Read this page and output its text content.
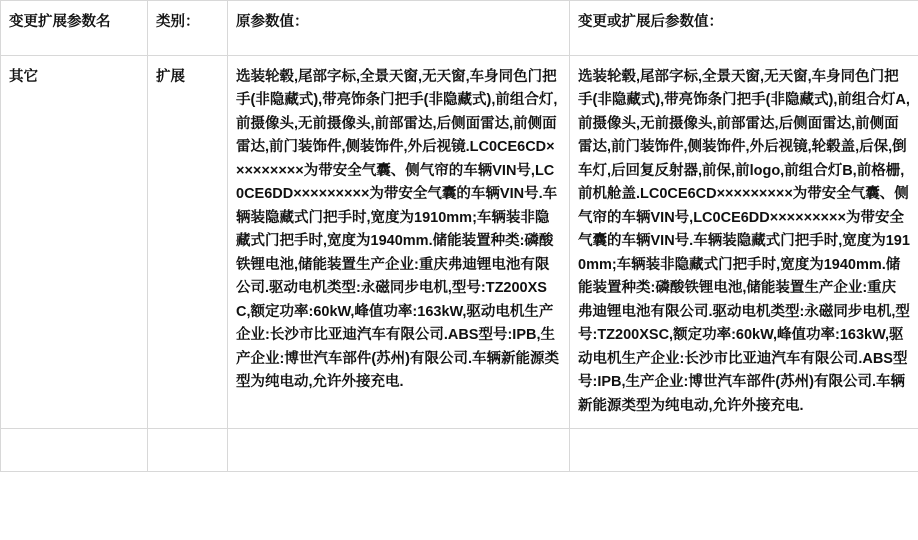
变更扩展参数名	类别：	原参数值：	变更或扩展后参数值：
其它	扩展	选装轮毂,尾部字标,全景天窗,无天窗,车身同色门把手(非隐藏式),带亮饰条门把手(非隐藏式),前组合灯,前摄像头,无前摄像头,前部雷达,后侧面雷达,前侧面雷达,前门装饰件,侧装饰件,外后视镜.LC0CE6CD×××××××××为带安全气囊、侧气帘的车辆VIN号,LC0CE6DD×××××××××为带安全气囊的车辆VIN号.车辆装隐藏式门把手时,宽度为1910mm;车辆装非隐藏式门把手时,宽度为1940mm.储能装置种类:磷酸铁锂电池,储能装置生产企业:重庆弗迪锂电池有限公司.驱动电机类型:永磁同步电机,型号:TZ200XSC,额定功率:60kW,峰值功率:163kW,驱动电机生产企业:长沙市比亚迪汽车有限公司.ABS型号:IPB,生产企业:博世汽车部件(苏州)有限公司.车辆新能源类型为纯电动,允许外接充电.	选装轮毂,尾部字标,全景天窗,无天窗,车身同色门把手(非隐藏式),带亮饰条门把手(非隐藏式),前组合灯A,前摄像头,无前摄像头,前部雷达,后侧面雷达,前侧面雷达,前门装饰件,侧装饰件,外后视镜,轮毂盖,后保,倒车灯,后回复反射器,前保,前logo,前组合灯B,前格栅,前机舱盖.LC0CE6CD×××××××××为带安全气囊、侧气帘的车辆VIN号,LC0CE6DD×××××××××为带安全气囊的车辆VIN号.车辆装隐藏式门把手时,宽度为1910mm;车辆装非隐藏式门把手时,宽度为1940mm.储能装置种类:磷酸铁锂电池,储能装置生产企业:重庆弗迪锂电池有限公司.驱动电机类型:永磁同步电机,型号:TZ200XSC,额定功率:60kW,峰值功率:163kW,驱动电机生产企业:长沙市比亚迪汽车有限公司.ABS型号:IPB,生产企业:博世汽车部件(苏州)有限公司.车辆新能源类型为纯电动,允许外接充电.
